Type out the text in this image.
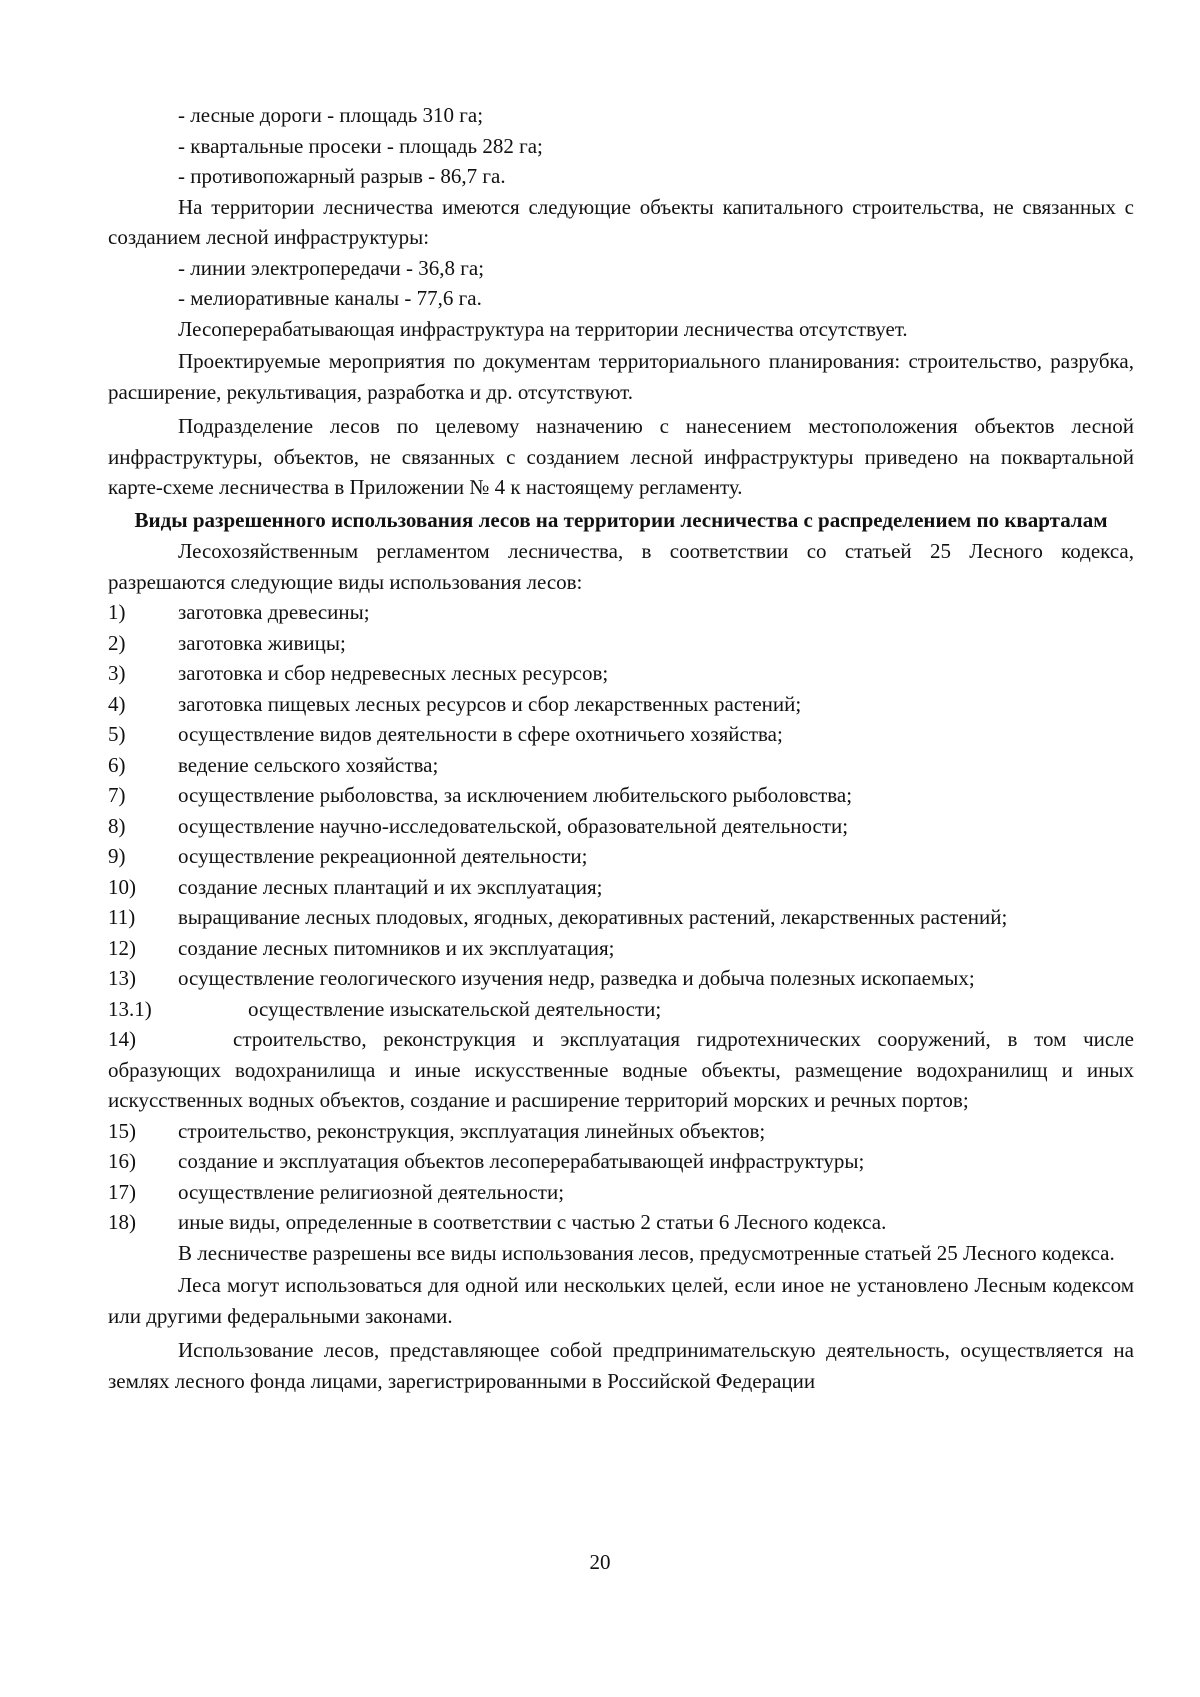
- лесные дороги - площадь 310 га;

- квартальные просеки - площадь 282 га;

- противопожарный разрыв - 86,7 га.

На территории лесничества имеются следующие объекты капитального строительства, не связанных с созданием лесной инфраструктуры:

- линии электропередачи - 36,8 га;

- мелиоративные каналы - 77,6 га.

Лесоперерабатывающая инфраструктура на территории лесничества отсутствует.

Проектируемые мероприятия по документам территориального планирования: строительство, разрубка, расширение, рекультивация, разработка и др. отсутствуют.

Подразделение лесов по целевому назначению с нанесением местоположения объектов лесной инфраструктуры, объектов, не связанных с созданием лесной инфраструктуры приведено на поквартальной карте-схеме лесничества в Приложении № 4 к настоящему регламенту.

Виды разрешенного использования лесов на территории лесничества с распределением по кварталам

Лесохозяйственным регламентом лесничества, в соответствии со статьей 25 Лесного кодекса, разрешаются следующие виды использования лесов:

1)	заготовка древесины;
2)	заготовка живицы;
3)	заготовка и сбор недревесных лесных ресурсов;
4)	заготовка пищевых лесных ресурсов и сбор лекарственных растений;
5)	осуществление видов деятельности в сфере охотничьего хозяйства;
6)	ведение сельского хозяйства;
7)	осуществление рыболовства, за исключением любительского рыболовства;
8)	осуществление научно-исследовательской, образовательной деятельности;
9)	осуществление рекреационной деятельности;
10)	создание лесных плантаций и их эксплуатация;
11) выращивание лесных плодовых, ягодных, декоративных растений, лекарственных растений;
12)	создание лесных питомников и их эксплуатация;
13)	осуществление геологического изучения недр, разведка и добыча полезных ископаемых;
13.1)	осуществление изыскательской деятельности;
14)	строительство, реконструкция и эксплуатация гидротехнических сооружений, в том числе образующих водохранилища и иные искусственные водные объекты, размещение водохранилищ и иных искусственных водных объектов, создание и расширение территорий морских и речных портов;
15)	строительство, реконструкция, эксплуатация линейных объектов;
16)	создание и эксплуатация объектов лесоперерабатывающей инфраструктуры;
17)	осуществление религиозной деятельности;
18)	иные виды, определенные в соответствии с частью 2 статьи 6 Лесного кодекса.

В лесничестве разрешены все виды использования лесов, предусмотренные статьей 25 Лесного кодекса.

Леса могут использоваться для одной или нескольких целей, если иное не установлено Лесным кодексом или другими федеральными законами.

Использование лесов, представляющее собой предпринимательскую деятельность, осуществляется на землях лесного фонда лицами, зарегистрированными в Российской Федерации

20
